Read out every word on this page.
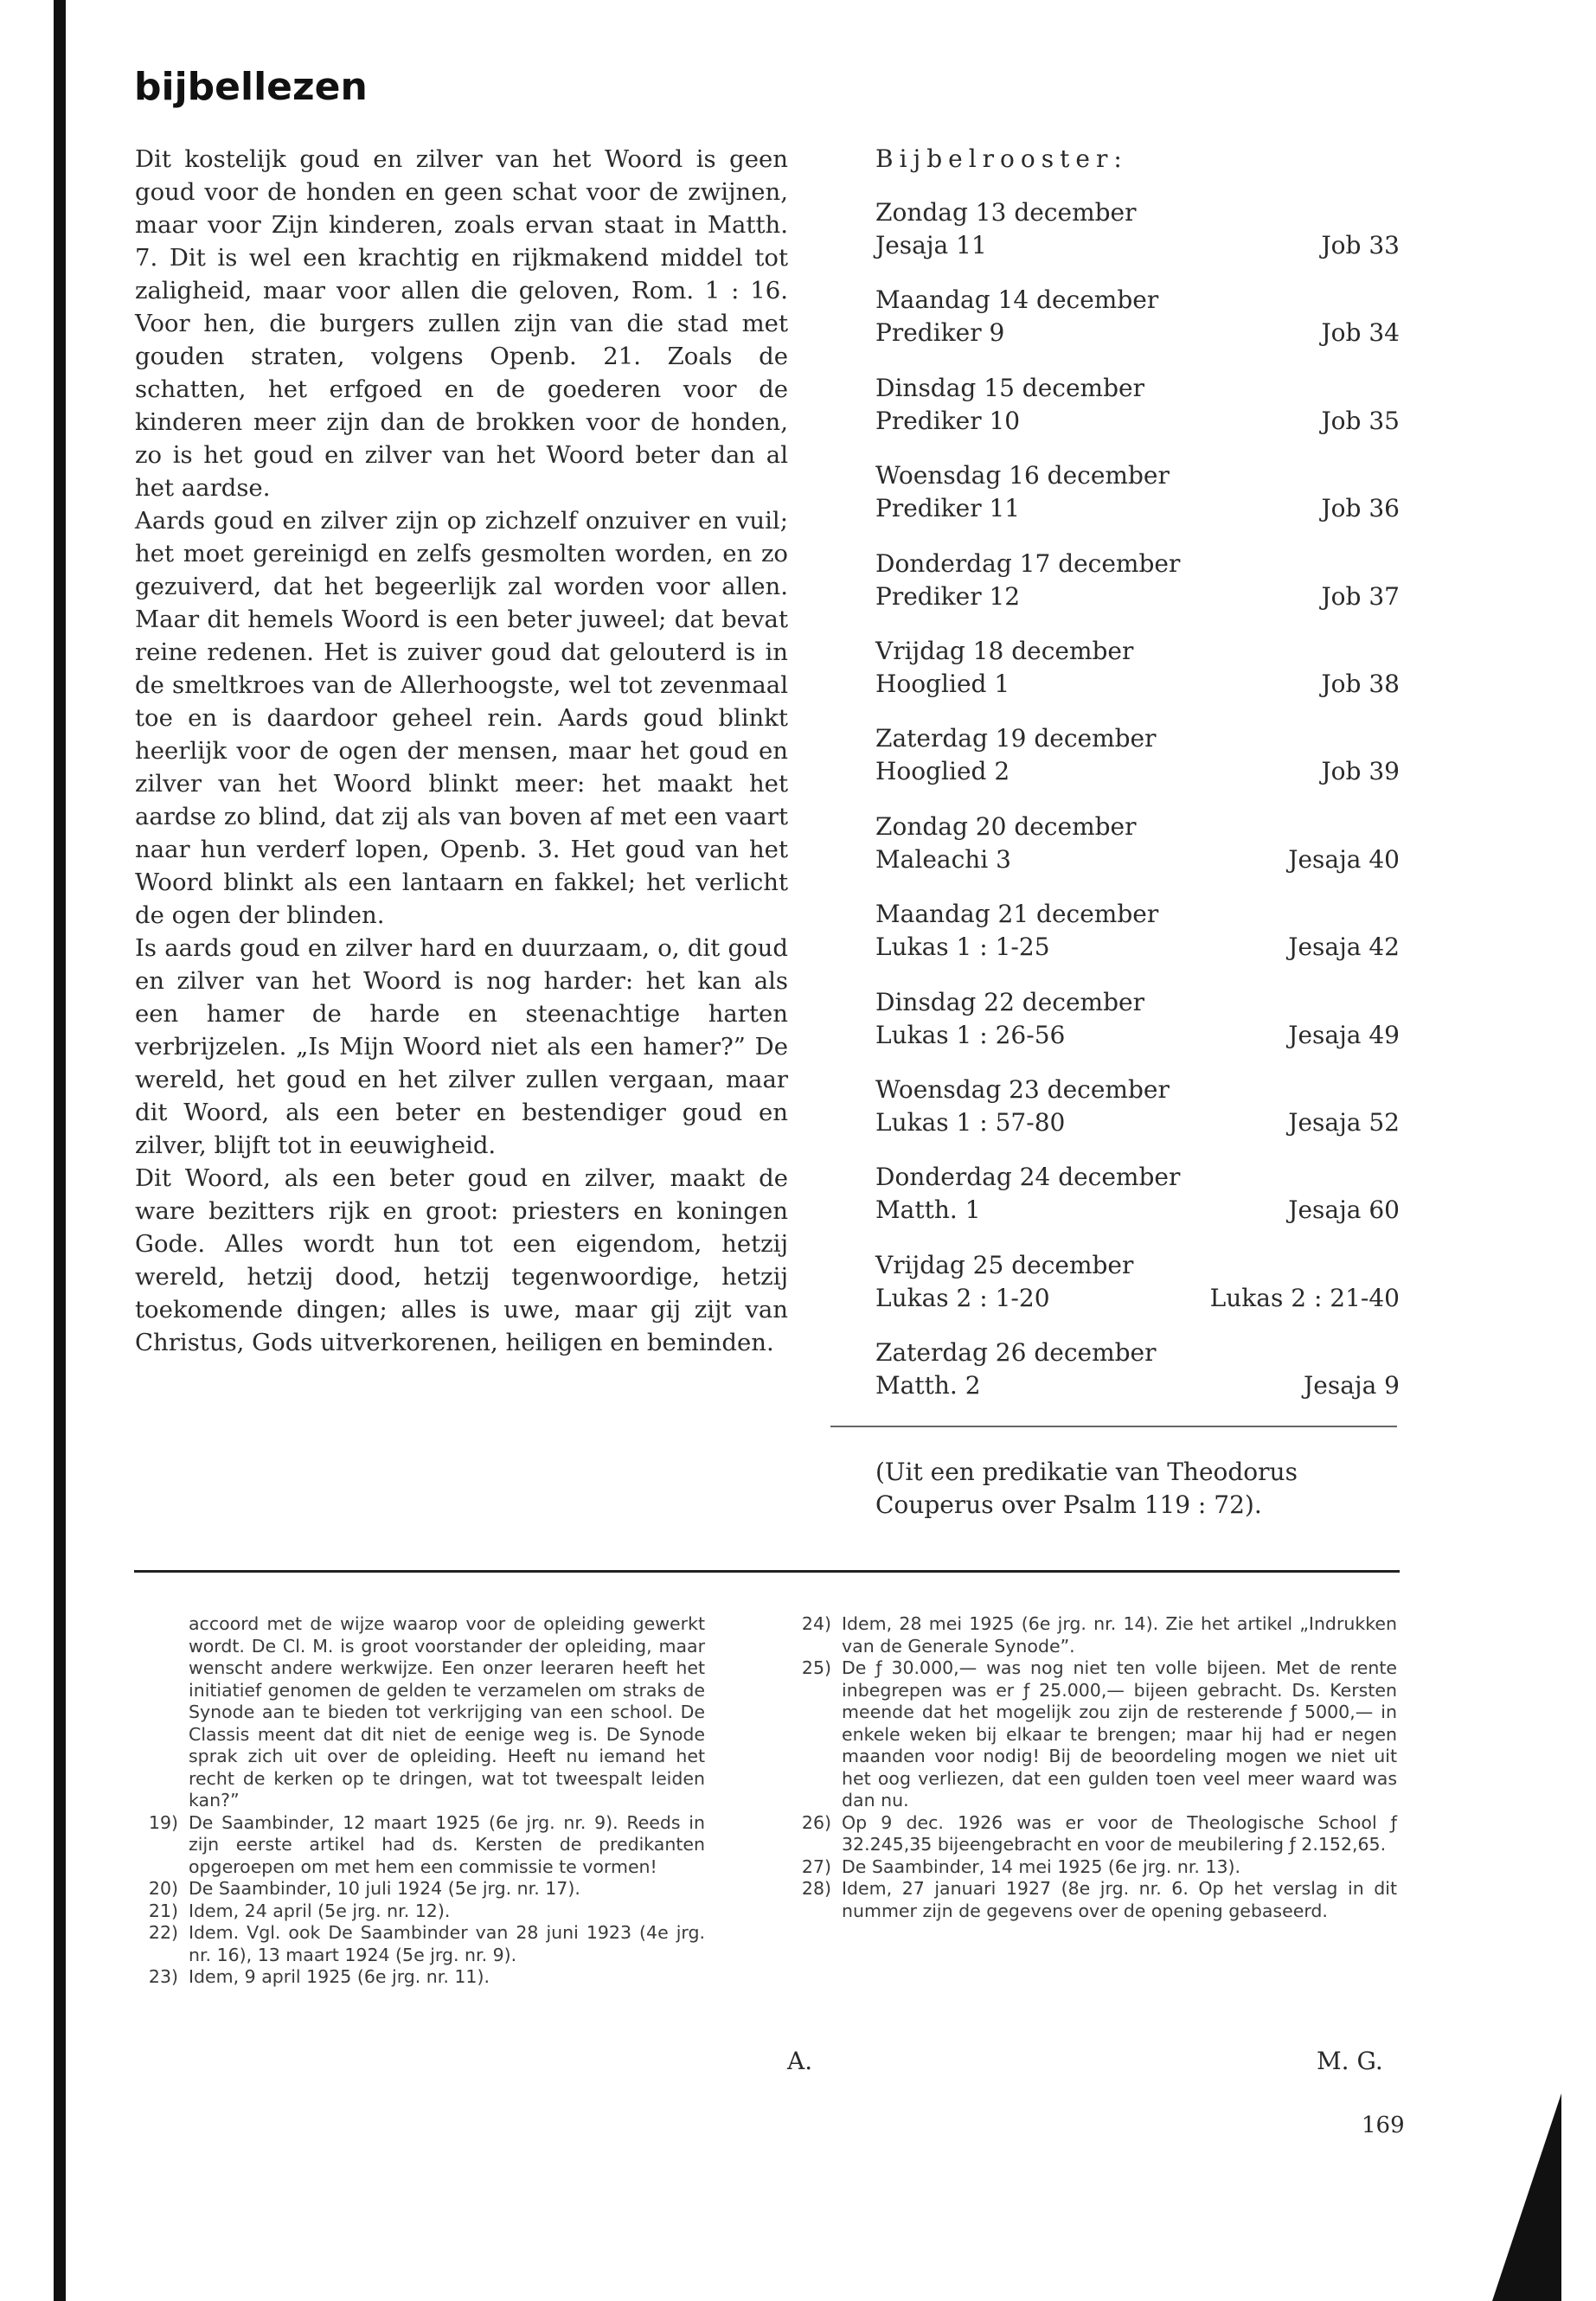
bijbellezen

Dit kostelijk goud en zilver van het Woord is geen goud voor de honden en geen schat voor de zwijnen, maar voor Zijn kinderen, zoals ervan staat in Matth. 7. Dit is wel een krachtig en rijkmakend middel tot zaligheid, maar voor allen die geloven, Rom. 1 : 16. Voor hen, die burgers zullen zijn van die stad met gouden straten, volgens Openb. 21. Zoals de schatten, het erfgoed en de goederen voor de kinderen meer zijn dan de brokken voor de honden, zo is het goud en zilver van het Woord beter dan al het aardse.

Aards goud en zilver zijn op zichzelf onzuiver en vuil; het moet gereinigd en zelfs gesmolten worden, en zo gezuiverd, dat het begeerlijk zal worden voor allen. Maar dit hemels Woord is een beter juweel; dat bevat reine redenen. Het is zuiver goud dat gelouterd is in de smeltkroes van de Allerhoogste, wel tot zevenmaal toe en is daardoor geheel rein. Aards goud blinkt heerlijk voor de ogen der mensen, maar het goud en zilver van het Woord blinkt meer: het maakt het aardse zo blind, dat zij als van boven af met een vaart naar hun verderf lopen, Openb. 3. Het goud van het Woord blinkt als een lantaarn en fakkel; het verlicht de ogen der blinden.

Is aards goud en zilver hard en duurzaam, o, dit goud en zilver van het Woord is nog harder: het kan als een hamer de harde en steenachtige harten verbrijzelen. „Is Mijn Woord niet als een hamer?” De wereld, het goud en het zilver zullen vergaan, maar dit Woord, als een beter en bestendiger goud en zilver, blijft tot in eeuwigheid.

Dit Woord, als een beter goud en zilver, maakt de ware bezitters rijk en groot: priesters en koningen Gode. Alles wordt hun tot een eigendom, hetzij wereld, hetzij dood, hetzij tegenwoordige, hetzij toekomende dingen; alles is uwe, maar gij zijt van Christus, Gods uitverkorenen, heiligen en beminden.

Bijbelrooster:
Zondag 13 december
Jesaja 11	Job 33
Maandag 14 december
Prediker 9	Job 34
Dinsdag 15 december
Prediker 10	Job 35
Woensdag 16 december
Prediker 11	Job 36
Donderdag 17 december
Prediker 12	Job 37
Vrijdag 18 december
Hooglied 1	Job 38
Zaterdag 19 december
Hooglied 2	Job 39
Zondag 20 december
Maleachi 3	Jesaja 40
Maandag 21 december
Lukas 1 : 1-25	Jesaja 42
Dinsdag 22 december
Lukas 1 : 26-56	Jesaja 49
Woensdag 23 december
Lukas 1 : 57-80	Jesaja 52
Donderdag 24 december
Matth. 1	Jesaja 60
Vrijdag 25 december
Lukas 2 : 1-20	Lukas 2 : 21-40
Zaterdag 26 december
Matth. 2	Jesaja 9
(Uit een predikatie van Theodorus Couperus over Psalm 119 : 72).
accoord met de wijze waarop voor de opleiding gewerkt wordt. De Cl. M. is groot voorstander der opleiding, maar wenscht andere werkwijze. Een onzer leeraren heeft het initiatief genomen de gelden te verzamelen om straks de Synode aan te bieden tot verkrijging van een school. De Classis meent dat dit niet de eenige weg is. De Synode sprak zich uit over de opleiding. Heeft nu iemand het recht de kerken op te dringen, wat tot tweespalt leiden kan?”
19) De Saambinder, 12 maart 1925 (6e jrg. nr. 9). Reeds in zijn eerste artikel had ds. Kersten de predikanten opgeroepen om met hem een commissie te vormen!
20) De Saambinder, 10 juli 1924 (5e jrg. nr. 17).
21) Idem, 24 april (5e jrg. nr. 12).
22) Idem. Vgl. ook De Saambinder van 28 juni 1923 (4e jrg. nr. 16), 13 maart 1924 (5e jrg. nr. 9).
23) Idem, 9 april 1925 (6e jrg. nr. 11).
24) Idem, 28 mei 1925 (6e jrg. nr. 14). Zie het artikel „Indrukken van de Generale Synode”.
25) De ƒ 30.000,— was nog niet ten volle bijeen. Met de rente inbegrepen was er ƒ 25.000,— bijeen gebracht. Ds. Kersten meende dat het mogelijk zou zijn de resterende ƒ 5000,— in enkele weken bij elkaar te brengen; maar hij had er negen maanden voor nodig! Bij de beoordeling mogen we niet uit het oog verliezen, dat een gulden toen veel meer waard was dan nu.
26) Op 9 dec. 1926 was er voor de Theologische School ƒ 32.245,35 bijeengebracht en voor de meubilering ƒ 2.152,65.
27) De Saambinder, 14 mei 1925 (6e jrg. nr. 13).
28) Idem, 27 januari 1927 (8e jrg. nr. 6. Op het verslag in dit nummer zijn de gegevens over de opening gebaseerd.
A.	M. G.
169
